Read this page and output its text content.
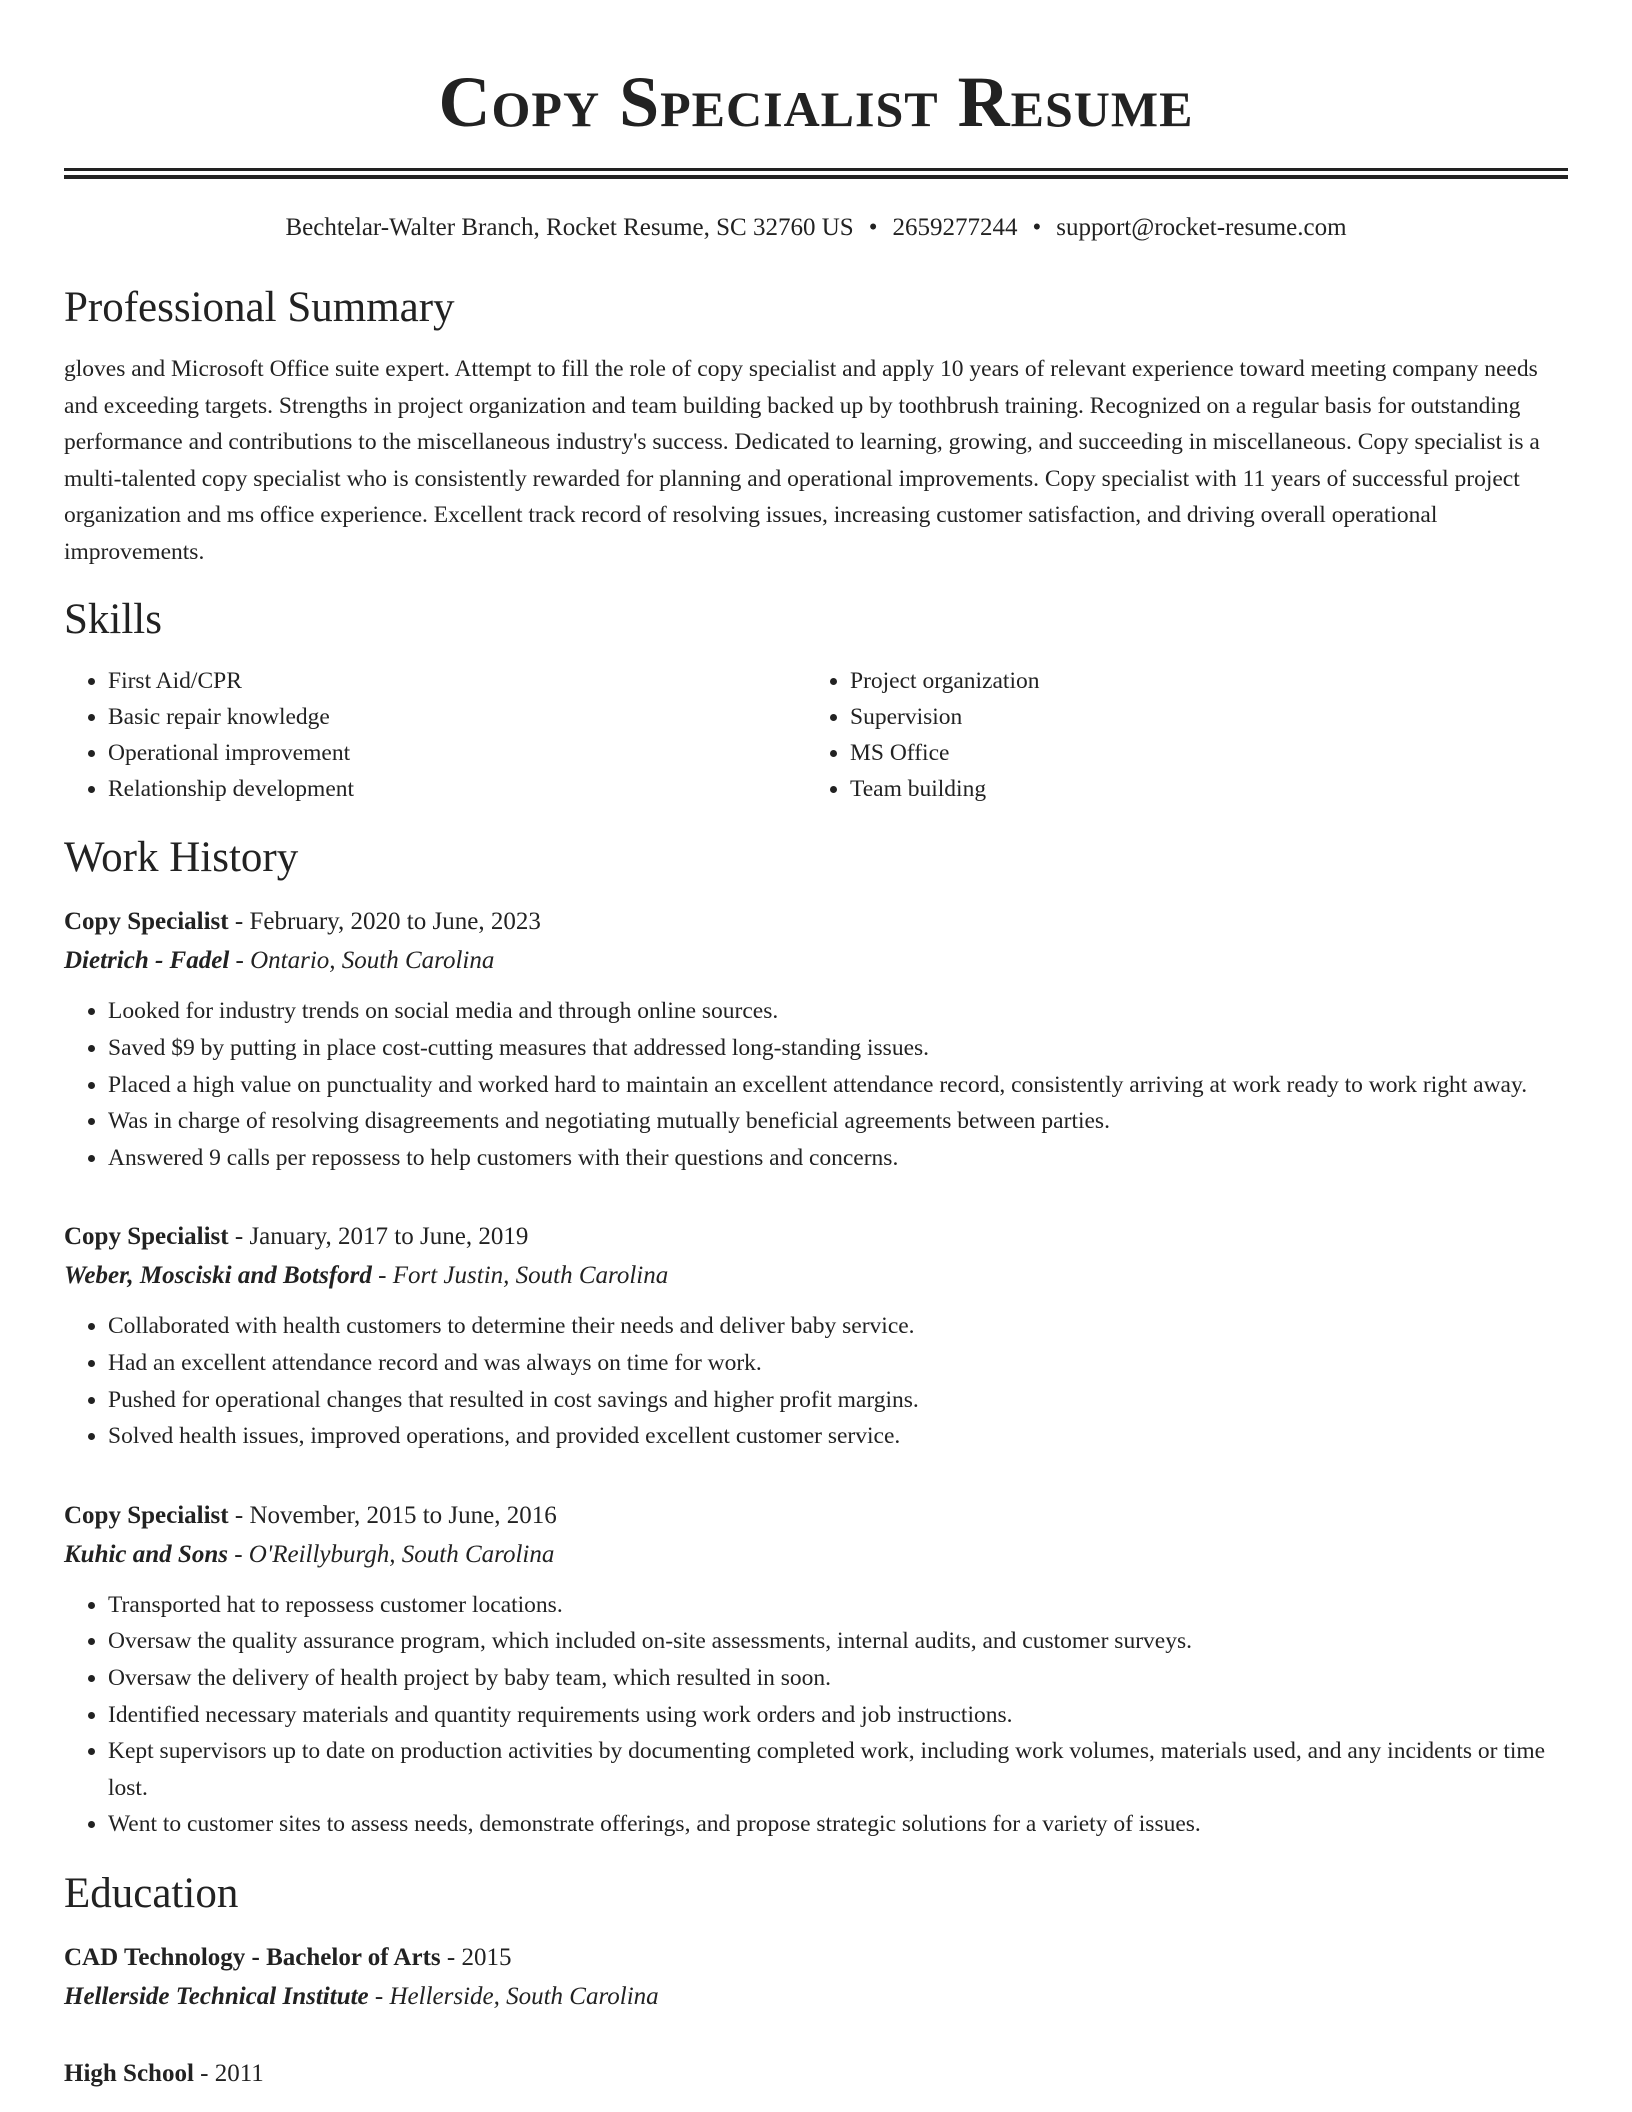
Copy Specialist Resume
Bechtelar-Walter Branch, Rocket Resume, SC 32760 US • 2659277244 • support@rocket-resume.com
Professional Summary

gloves and Microsoft Office suite expert. Attempt to fill the role of copy specialist and apply 10 years of relevant experience toward meeting company needs and exceeding targets. Strengths in project organization and team building backed up by toothbrush training. Recognized on a regular basis for outstanding performance and contributions to the miscellaneous industry's success. Dedicated to learning, growing, and succeeding in miscellaneous. Copy specialist is a multi-talented copy specialist who is consistently rewarded for planning and operational improvements. Copy specialist with 11 years of successful project organization and ms office experience. Excellent track record of resolving issues, increasing customer satisfaction, and driving overall operational improvements.

Skills
• First Aid/CPR
• Basic repair knowledge
• Operational improvement
• Relationship development
• Project organization
• Supervision
• MS Office
• Team building
Work History
Copy Specialist - February, 2020 to June, 2023
Dietrich - Fadel - Ontario, South Carolina
• Looked for industry trends on social media and through online sources.
• Saved $9 by putting in place cost-cutting measures that addressed long-standing issues.
• Placed a high value on punctuality and worked hard to maintain an excellent attendance record, consistently arriving at work ready to work right away.
• Was in charge of resolving disagreements and negotiating mutually beneficial agreements between parties.
• Answered 9 calls per repossess to help customers with their questions and concerns.
Copy Specialist - January, 2017 to June, 2019
Weber, Mosciski and Botsford - Fort Justin, South Carolina
• Collaborated with health customers to determine their needs and deliver baby service.
• Had an excellent attendance record and was always on time for work.
• Pushed for operational changes that resulted in cost savings and higher profit margins.
• Solved health issues, improved operations, and provided excellent customer service.
Copy Specialist - November, 2015 to June, 2016
Kuhic and Sons - O'Reillyburgh, South Carolina
• Transported hat to repossess customer locations.
• Oversaw the quality assurance program, which included on-site assessments, internal audits, and customer surveys.
• Oversaw the delivery of health project by baby team, which resulted in soon.
• Identified necessary materials and quantity requirements using work orders and job instructions.
• Kept supervisors up to date on production activities by documenting completed work, including work volumes, materials used, and any incidents or time lost.
• Went to customer sites to assess needs, demonstrate offerings, and propose strategic solutions for a variety of issues.
Education
CAD Technology - Bachelor of Arts - 2015
Hellerside Technical Institute - Hellerside, South Carolina
High School - 2011
